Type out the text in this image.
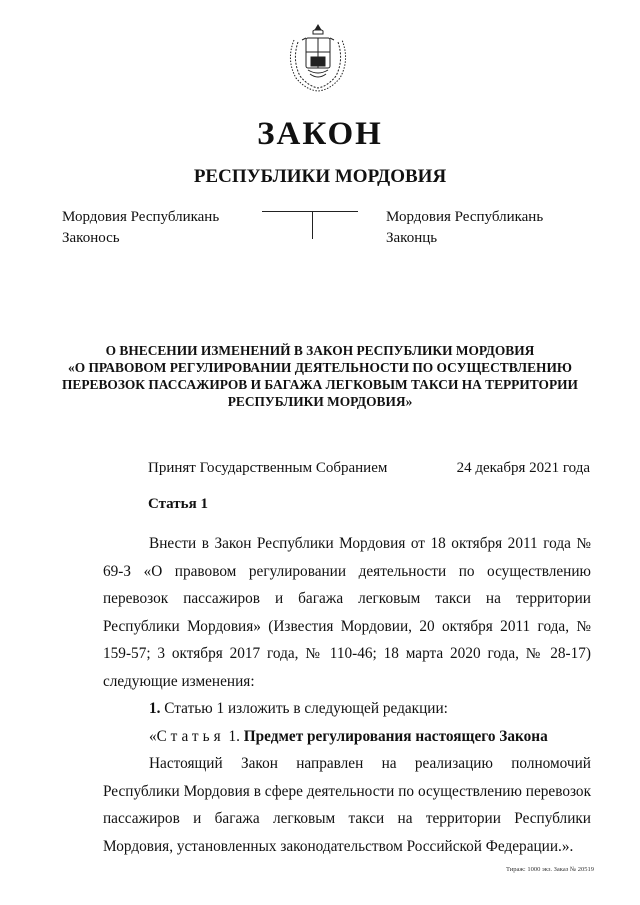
ЗАКОН
РЕСПУБЛИКИ МОРДОВИЯ
Мордовия Республикань
Законось
Мордовия Республикань
Законць
О ВНЕСЕНИИ ИЗМЕНЕНИЙ В ЗАКОН РЕСПУБЛИКИ МОРДОВИЯ
«О ПРАВОВОМ РЕГУЛИРОВАНИИ ДЕЯТЕЛЬНОСТИ ПО ОСУЩЕСТВЛЕНИЮ
ПЕРЕВОЗОК ПАССАЖИРОВ И БАГАЖА ЛЕГКОВЫМ ТАКСИ НА ТЕРРИТОРИИ
РЕСПУБЛИКИ МОРДОВИЯ»
Принят Государственным Собранием	24 декабря 2021 года
Статья 1

Внести в Закон Республики Мордовия от 18 октября 2011 года № 69-З «О правовом регулировании деятельности по осуществлению перевозок пассажиров и багажа легковым такси на территории Республики Мордовия» (Известия Мордовии, 20 октября 2011 года, № 159-57; 3 октября 2017 года, № 110-46; 18 марта 2020 года, № 28-17) следующие изменения:

1. Статью 1 изложить в следующей редакции:

«Статья 1. Предмет регулирования настоящего Закона

Настоящий Закон направлен на реализацию полномочий Республики Мордовия в сфере деятельности по осуществлению перевозок пассажиров и багажа легковым такси на территории Республики Мордовия, установленных законодательством Российской Федерации.».

Тираж: 1000 экз. Заказ № 20519
